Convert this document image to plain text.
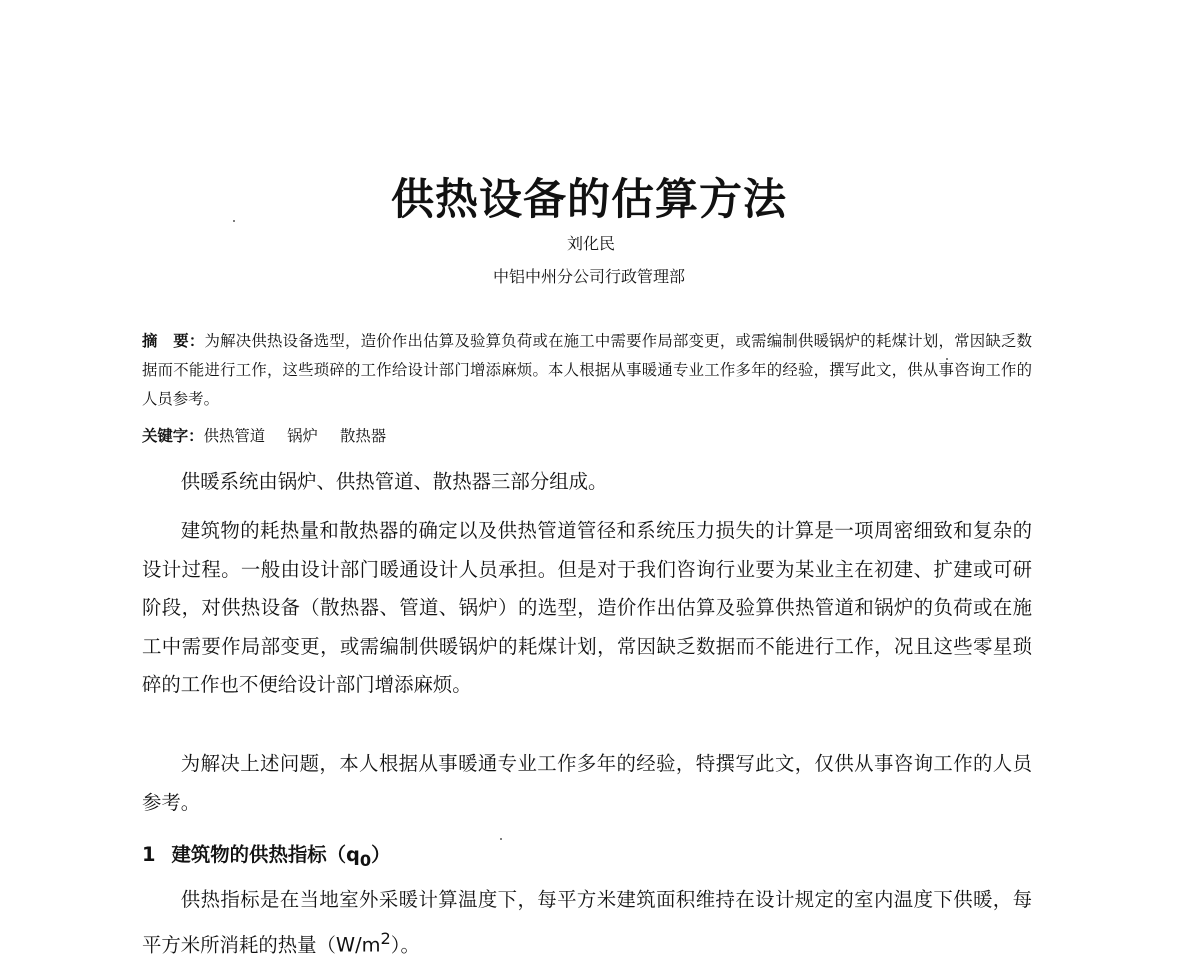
供热设备的估算方法

刘化民

中铝中州分公司行政管理部

摘　要：为解决供热设备选型，造价作出估算及验算负荷或在施工中需要作局部变更，或需编制供暖锅炉的耗煤计划，常因缺乏数据而不能进行工作，这些琐碎的工作给设计部门增添麻烦。本人根据从事暖通专业工作多年的经验，撰写此文，供从事咨询工作的人员参考。

关键字：供热管道 锅炉 散热器

供暖系统由锅炉、供热管道、散热器三部分组成。

建筑物的耗热量和散热器的确定以及供热管道管径和系统压力损失的计算是一项周密细致和复杂的设计过程。一般由设计部门暖通设计人员承担。但是对于我们咨询行业要为某业主在初建、扩建或可研阶段，对供热设备（散热器、管道、锅炉）的选型，造价作出估算及验算供热管道和锅炉的负荷或在施工中需要作局部变更，或需编制供暖锅炉的耗煤计划，常因缺乏数据而不能进行工作，况且这些零星琐碎的工作也不便给设计部门增添麻烦。

为解决上述问题，本人根据从事暖通专业工作多年的经验，特撰写此文，仅供从事咨询工作的人员参考。

1 建筑物的供热指标$(q_0)$

供热指标是在当地室外采暖计算温度下，每平方米建筑面积维持在设计规定的室内温度下供暖，每平方米所消耗的热量$(W/m^2)$。
